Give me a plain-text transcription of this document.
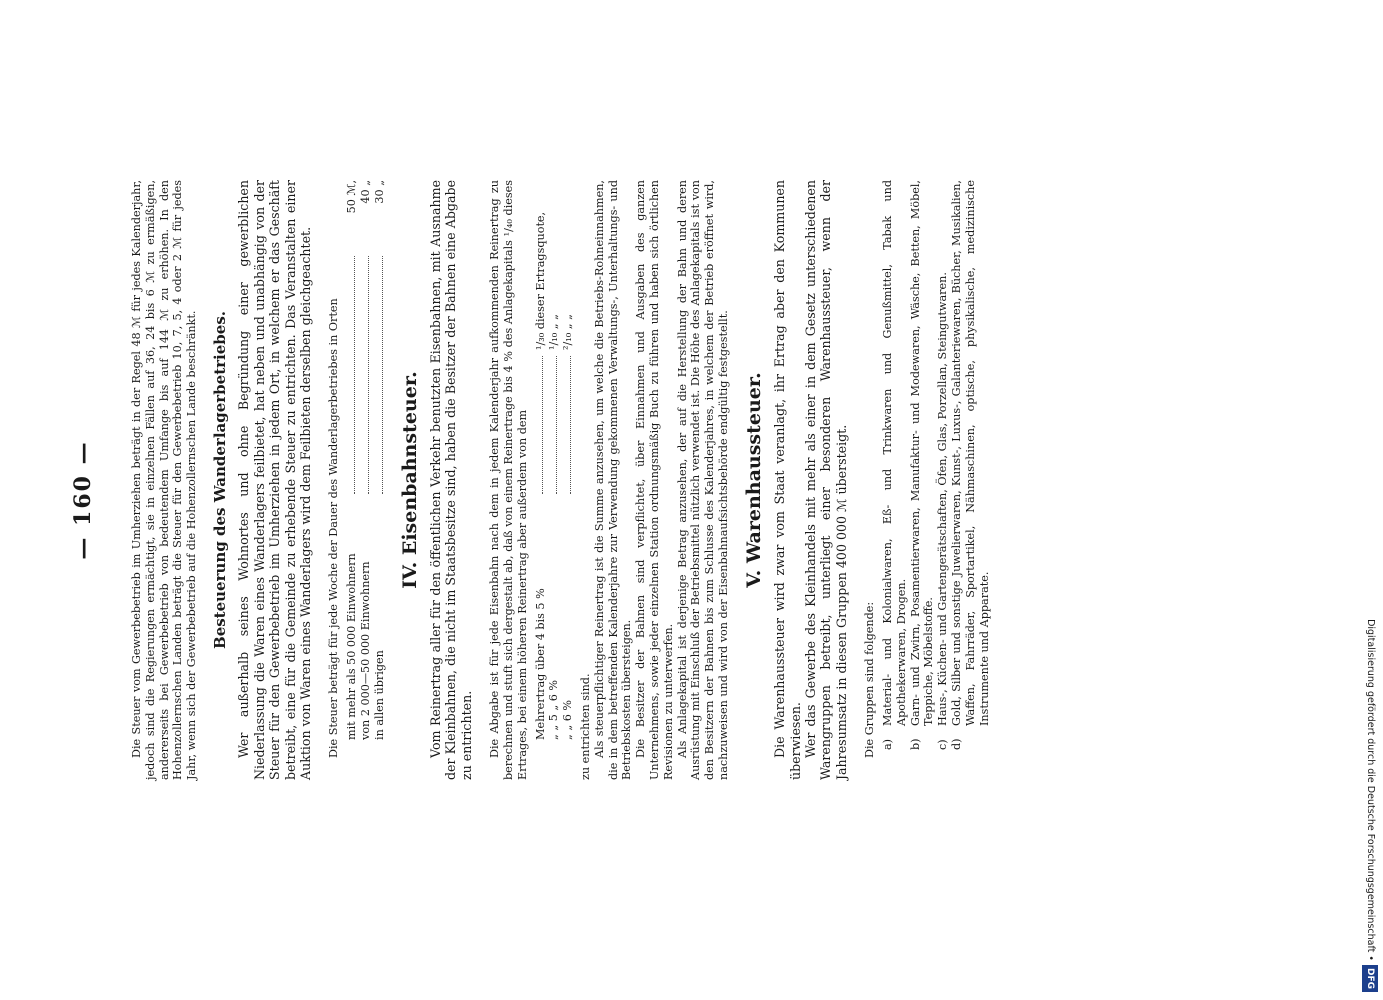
— 160 —	Die Steuer vom Gewerbebetrieb im Umherziehen beträgt in der Regel 48 ℳ für jedes Kalenderjahr, jedoch sind die Regierungen ermächtigt, sie in einzelnen Fällen auf 36, 24 bis 6 ℳ zu ermäßigen, andererseits bei Gewerbebetrieb von bedeutendem Umfange bis auf 144 ℳ zu erhöhen. In den Hohenzollernschen Landen beträgt die Steuer für den Gewerbebetrieb 10, 7, 5, 4 oder 2 ℳ für jedes Jahr, wenn sich der Gewerbebetrieb auf die Hohenzollernschen Lande beschränkt. Besteuerung des Wanderlagerbetriebes. Wer außerhalb seines Wohnortes und ohne Begründung einer gewerblichen Niederlassung die Waren eines Wanderlagers feilbietet, hat neben und unabhängig von der Steuer für den Gewerbebetrieb im Umherziehen in jedem Ort, in welchem er das Geschäft betreibt, eine für die Gemeinde zu erhebende Steuer zu entrichten. Das Veranstalten einer Auktion von Waren eines Wanderlagers wird dem Feilbieten derselben gleichgeachtet. Die Steuer beträgt für jede Woche der Dauer des Wanderlagerbetriebes in Orten mit mehr als 50 000 Einwohnern
50 ℳ,
von 2 000—50 000 Einwohnern
40 „
in allen übrigen
30 „
IV. Eisenbahnsteuer. Vom Reinertrag aller für den öffentlichen Verkehr benutzten Eisenbahnen, mit Ausnahme der Kleinbahnen, die nicht im Staatsbesitze sind, haben die Besitzer der Bahnen eine Abgabe zu entrichten. Die Abgabe ist für jede Eisenbahn nach dem in jedem Kalenderjahr aufkommenden Reinertrag zu berechnen und stuft sich dergestalt ab, daß von einem Reinertrage bis 4 % des Anlagekapitals ¹/₄₀ dieses Ertrages, bei einem höheren Reinertrag aber außerdem von dem Mehrertrag über 4 bis 5 %
¹/₃₀ dieser Ertragsquote,
„ „ 5 „ 6 %
¹/₁₀ „ „
„ „ 6 %
²/₁₀ „ „

zu entrichten sind. Als steuerpflichtiger Reinertrag ist die Summe anzusehen, um welche die Betriebs-Rohneinnahmen, die in dem betreffenden Kalenderjahre zur Verwendung gekommenen Verwaltungs-, Unterhaltungs- und Betriebskosten übersteigen. Die Besitzer der Bahnen sind verpflichtet, über Einnahmen und Ausgaben des ganzen Unternehmens, sowie jeder einzelnen Station ordnungsmäßig Buch zu führen und haben sich örtlichen Revisionen zu unterwerfen. Als Anlagekapital ist derjenige Betrag anzusehen, der auf die Herstellung der Bahn und deren Ausrüstung mit Einschluß der Betriebsmittel nützlich verwendet ist. Die Höhe des Anlagekapitals ist von den Besitzern der Bahnen bis zum Schlusse des Kalenderjahres, in welchem der Betrieb eröffnet wird, nachzuweisen und wird von der Eisenbahnaufsichtsbehörde endgültig festgestellt. V. Warenhaussteuer. Die Warenhaussteuer wird zwar vom Staat veranlagt, ihr Ertrag aber den Kommunen überwiesen. Wer das Gewerbe des Kleinhandels mit mehr als einer in dem Gesetz unterschiedenen Warengruppen betreibt, unterliegt einer besonderen Warenhaussteuer, wenn der Jahresumsatz in diesen Gruppen 400 000 ℳ übersteigt. Die Gruppen sind folgende: a)
Material- und Kolonialwaren, Eß- und Trinkwaren und Genußmittel, Tabak und Apothekerwaren, Drogen.
b)
Garn- und Zwirn, Posamentierwaren, Manufaktur- und Modewaren, Wäsche, Betten, Möbel, Teppiche, Möbelstoffe.
c)
Haus-, Küchen- und Gartengerätschaften, Öfen, Glas, Porzellan, Steingutwaren.
d)
Gold, Silber und sonstige Juwelierwaren, Kunst-, Luxus-, Galanteriewaren, Bücher, Musikalien, Waffen, Fahrräder, Sportartikel, Nähmaschinen, optische, physikalische, medizinische Instrumente und Apparate.	Digitalisierung gefördert durch die Deutsche Forschungsgemeinschaft •DFG
